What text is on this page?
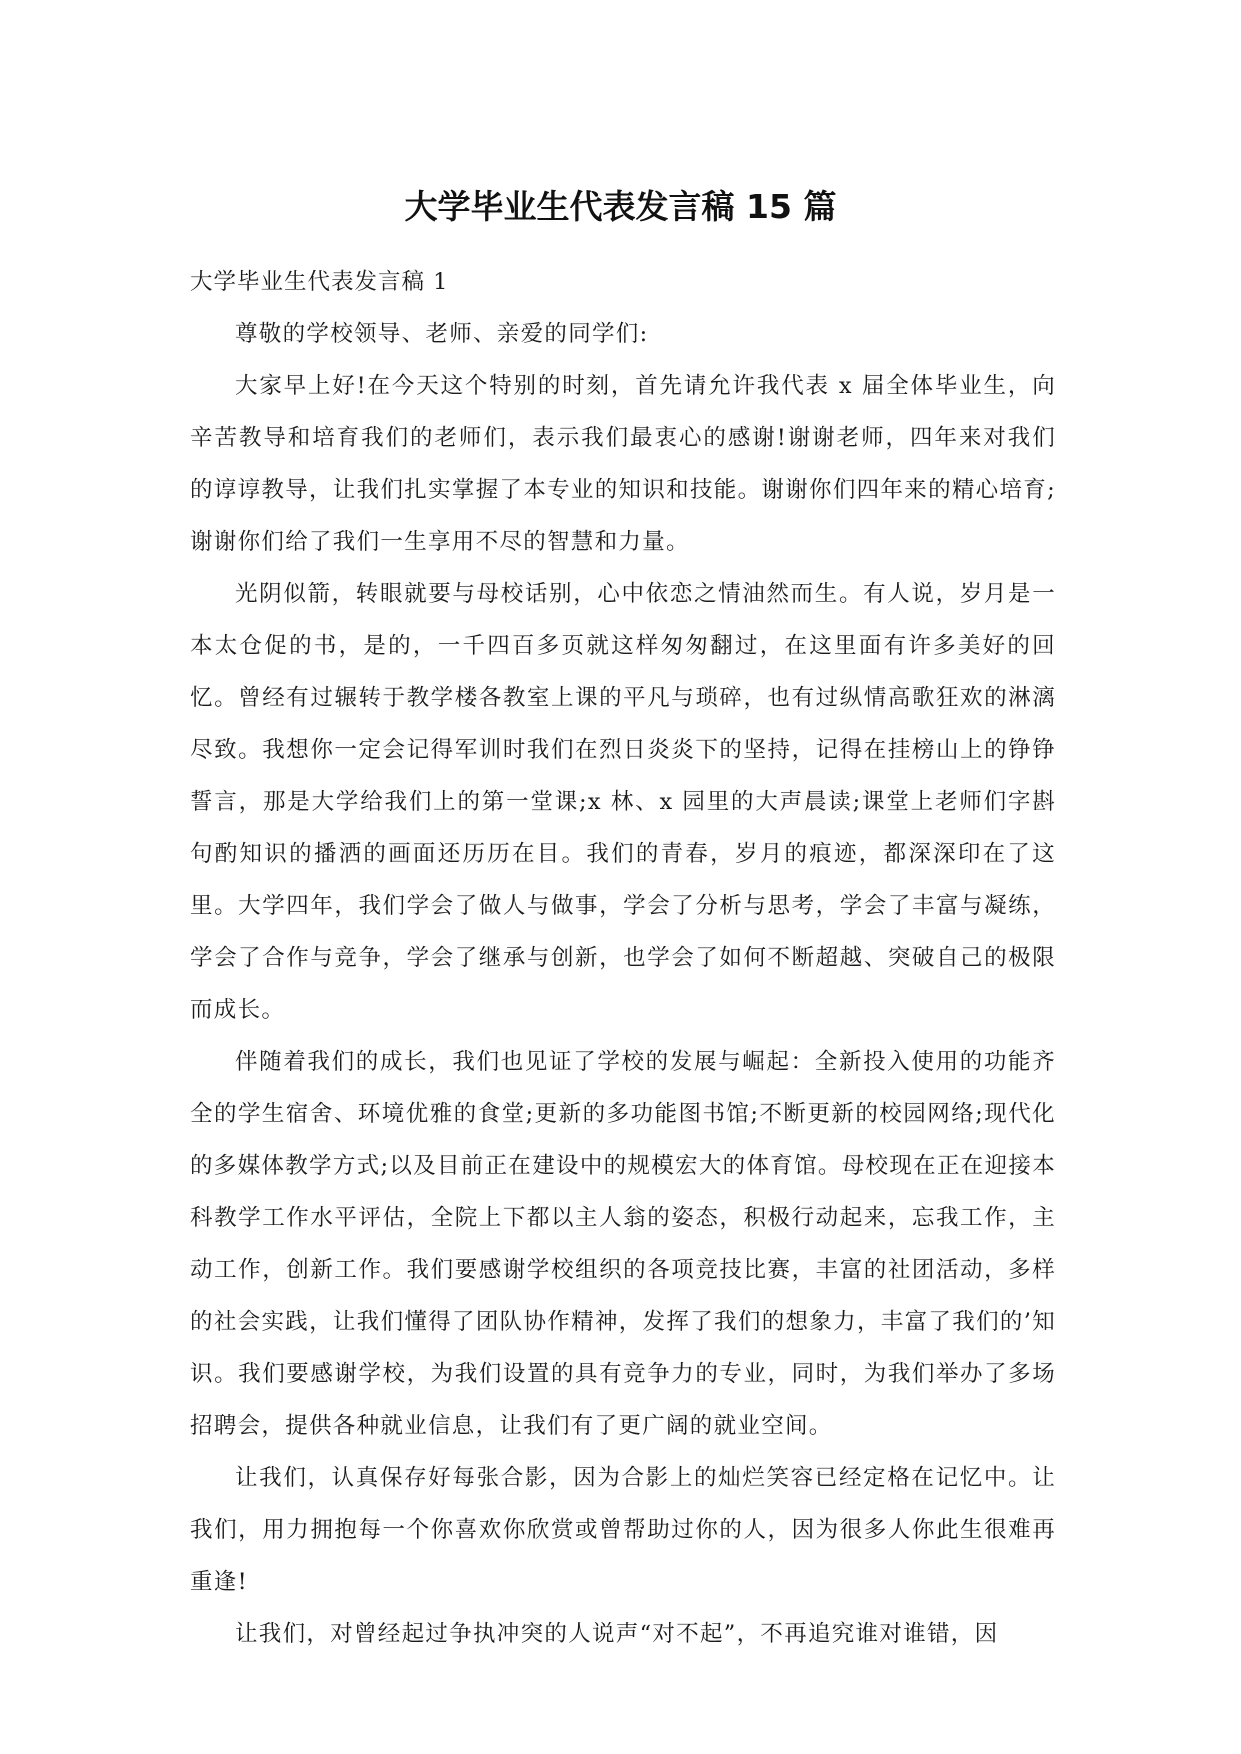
大学毕业生代表发言稿 15 篇

大学毕业生代表发言稿 1

尊敬的学校领导、老师、亲爱的同学们:

大家早上好!在今天这个特别的时刻，首先请允许我代表 x 届全体毕业生，向辛苦教导和培育我们的老师们，表示我们最衷心的感谢!谢谢老师，四年来对我们的谆谆教导，让我们扎实掌握了本专业的知识和技能。谢谢你们四年来的精心培育;谢谢你们给了我们一生享用不尽的智慧和力量。

光阴似箭，转眼就要与母校话别，心中依恋之情油然而生。有人说，岁月是一本太仓促的书，是的，一千四百多页就这样匆匆翻过，在这里面有许多美好的回忆。曾经有过辗转于教学楼各教室上课的平凡与琐碎，也有过纵情高歌狂欢的淋漓尽致。我想你一定会记得军训时我们在烈日炎炎下的坚持，记得在挂榜山上的铮铮誓言，那是大学给我们上的第一堂课;x 林、x 园里的大声晨读;课堂上老师们字斟句酌知识的播洒的画面还历历在目。我们的青春，岁月的痕迹，都深深印在了这里。大学四年，我们学会了做人与做事，学会了分析与思考，学会了丰富与凝练，学会了合作与竞争，学会了继承与创新，也学会了如何不断超越、突破自己的极限而成长。

伴随着我们的成长，我们也见证了学校的发展与崛起：全新投入使用的功能齐全的学生宿舍、环境优雅的食堂;更新的多功能图书馆;不断更新的校园网络;现代化的多媒体教学方式;以及目前正在建设中的规模宏大的体育馆。母校现在正在迎接本科教学工作水平评估，全院上下都以主人翁的姿态，积极行动起来，忘我工作，主动工作，创新工作。我们要感谢学校组织的各项竞技比赛，丰富的社团活动，多样的社会实践，让我们懂得了团队协作精神，发挥了我们的想象力，丰富了我们的’知识。我们要感谢学校，为我们设置的具有竞争力的专业，同时，为我们举办了多场招聘会，提供各种就业信息，让我们有了更广阔的就业空间。

让我们，认真保存好每张合影，因为合影上的灿烂笑容已经定格在记忆中。让我们，用力拥抱每一个你喜欢你欣赏或曾帮助过你的人，因为很多人你此生很难再重逢!

让我们，对曾经起过争执冲突的人说声“对不起”，不再追究谁对谁错，因
